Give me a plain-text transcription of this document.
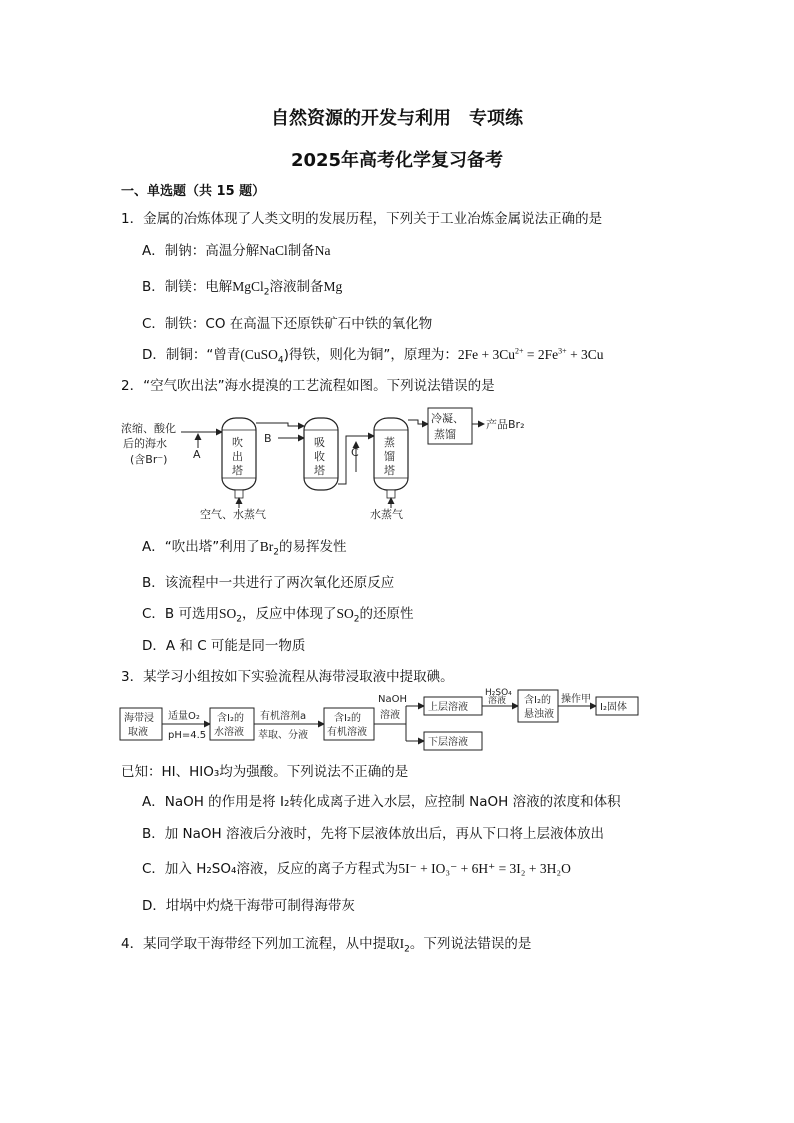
自然资源的开发与利用　专项练
2025年高考化学复习备考
一、单选题（共 15 题）
1．金属的冶炼体现了人类文明的发展历程，下列关于工业冶炼金属说法正确的是
A．制钠：高温分解NaCl制备Na
B．制镁：电解MgCl$_2$溶液制备Mg
C．制铁：CO 在高温下还原铁矿石中铁的氧化物
D．制铜：“曾青(CuSO$_4$)得铁，则化为铜”，原理为：$2Fe + 3Cu^{2+} = 2Fe^{3+} + 3Cu$
2．“空气吹出法”海水提溴的工艺流程如图。下列说法错误的是
浓缩、酸化
后的海水
(含Br⁻) A
吹
出
塔
空气、水蒸气
B	吸
收
塔
C
蒸
馏
塔
水蒸气
冷凝、
蒸馏
产品Br₂
A．“吹出塔”利用了$Br_2$的易挥发性
B．该流程中一共进行了两次氧化还原反应
C．B 可选用$SO_2$，反应中体现了$SO_2$的还原性
D．A 和 C 可能是同一物质
3．某学习小组按如下实验流程从海带浸取液中提取碘。
海带浸
取液
适量O₂
pH=4.5
含I₂的
水溶液
有机溶剂a
萃取、分液
含I₂的
有机溶液
NaOH
溶液
上层溶液
下层溶液
H₂SO₄
溶液 含I₂的
悬浊液
操作甲
I₂固体
已知：HI、HIO₃均为强酸。下列说法不正确的是
A．NaOH 的作用是将 I₂转化成离子进入水层，应控制 NaOH 溶液的浓度和体积
B．加 NaOH 溶液后分液时，先将下层液体放出后，再从下口将上层液体放出
C．加入 H₂SO₄溶液，反应的离子方程式为5I⁻ + IO₃⁻ + 6H⁺ = 3I₂ + 3H₂O
D．坩埚中灼烧干海带可制得海带灰
4．某同学取干海带经下列加工流程，从中提取$I_2$。下列说法错误的是
